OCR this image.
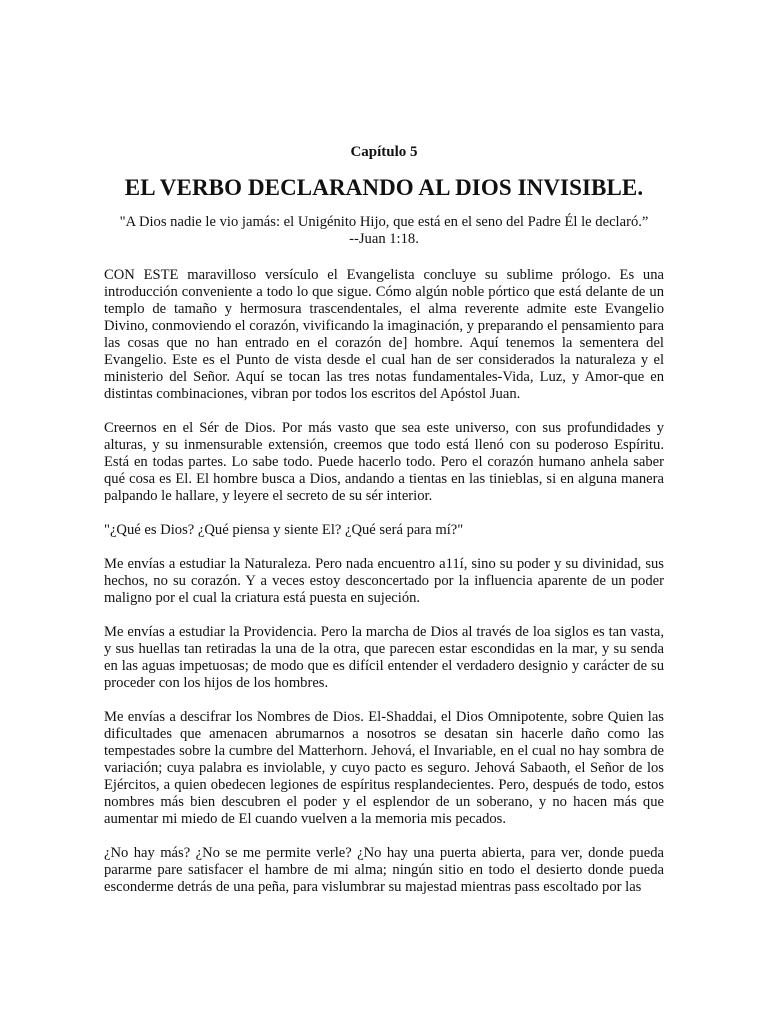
Capítulo 5
EL VERBO DECLARANDO AL DIOS INVISIBLE.
"A Dios nadie le vio jamás: el Unigénito Hijo, que está en el seno del Padre Él le declaró.”
--Juan 1:18.

CON ESTE maravilloso versículo el Evangelista concluye su sublime prólogo. Es una introducción conveniente a todo lo que sigue. Cómo algún noble pórtico que está delante de un templo de tamaño y hermosura trascendentales, el alma reverente admite este Evangelio Divino, conmoviendo el corazón, vivificando la imaginación, y preparando el pensamiento para las cosas que no han entrado en el corazón de] hombre. Aquí tenemos la sementera del Evangelio. Este es el Punto de vista desde el cual han de ser considerados la naturaleza y el ministerio del Señor. Aquí se tocan las tres notas fundamentales-Vida, Luz, y Amor-que en distintas combinaciones, vibran por todos los escritos del Apóstol Juan.

Creernos en el Sér de Dios. Por más vasto que sea este universo, con sus profundidades y alturas, y su inmensurable extensión, creemos que todo está llenó con su poderoso Espíritu. Está en todas partes. Lo sabe todo. Puede hacerlo todo. Pero el corazón humano anhela saber qué cosa es El. El hombre busca a Dios, andando a tientas en las tinieblas, si en alguna manera palpando le hallare, y leyere el secreto de su sér interior.

"¿Qué es Dios? ¿Qué piensa y siente El? ¿Qué será para mí?"

Me envías a estudiar la Naturaleza. Pero nada encuentro a11í, sino su poder y su divinidad, sus hechos, no su corazón. Y a veces estoy desconcertado por la influencia aparente de un poder maligno por el cual la criatura está puesta en sujeción.

Me envías a estudiar la Providencia. Pero la marcha de Dios al través de loa siglos es tan vasta, y sus huellas tan retiradas la una de la otra, que parecen estar escondidas en la mar, y su senda en las aguas impetuosas; de modo que es difícil entender el verdadero designio y carácter de su proceder con los hijos de los hombres.

Me envías a descifrar los Nombres de Dios. El-Shaddai, el Dios Omnipotente, sobre Quien las dificultades que amenacen abrumarnos a nosotros se desatan sin hacerle daño como las tempestades sobre la cumbre del Matterhorn. Jehová, el Invariable, en el cual no hay sombra de variación; cuya palabra es inviolable, y cuyo pacto es seguro. Jehová Sabaoth, el Señor de los Ejércitos, a quien obedecen legiones de espíritus resplandecientes. Pero, después de todo, estos nombres más bien descubren el poder y el esplendor de un soberano, y no hacen más que aumentar mi miedo de El cuando vuelven a la memoria mis pecados.

¿No hay más? ¿No se me permite verle? ¿No hay una puerta abierta, para ver, donde pueda pararme pare satisfacer el hambre de mi alma; ningún sitio en todo el desierto donde pueda esconderme detrás de una peña, para vislumbrar su majestad mientras pass escoltado por las
